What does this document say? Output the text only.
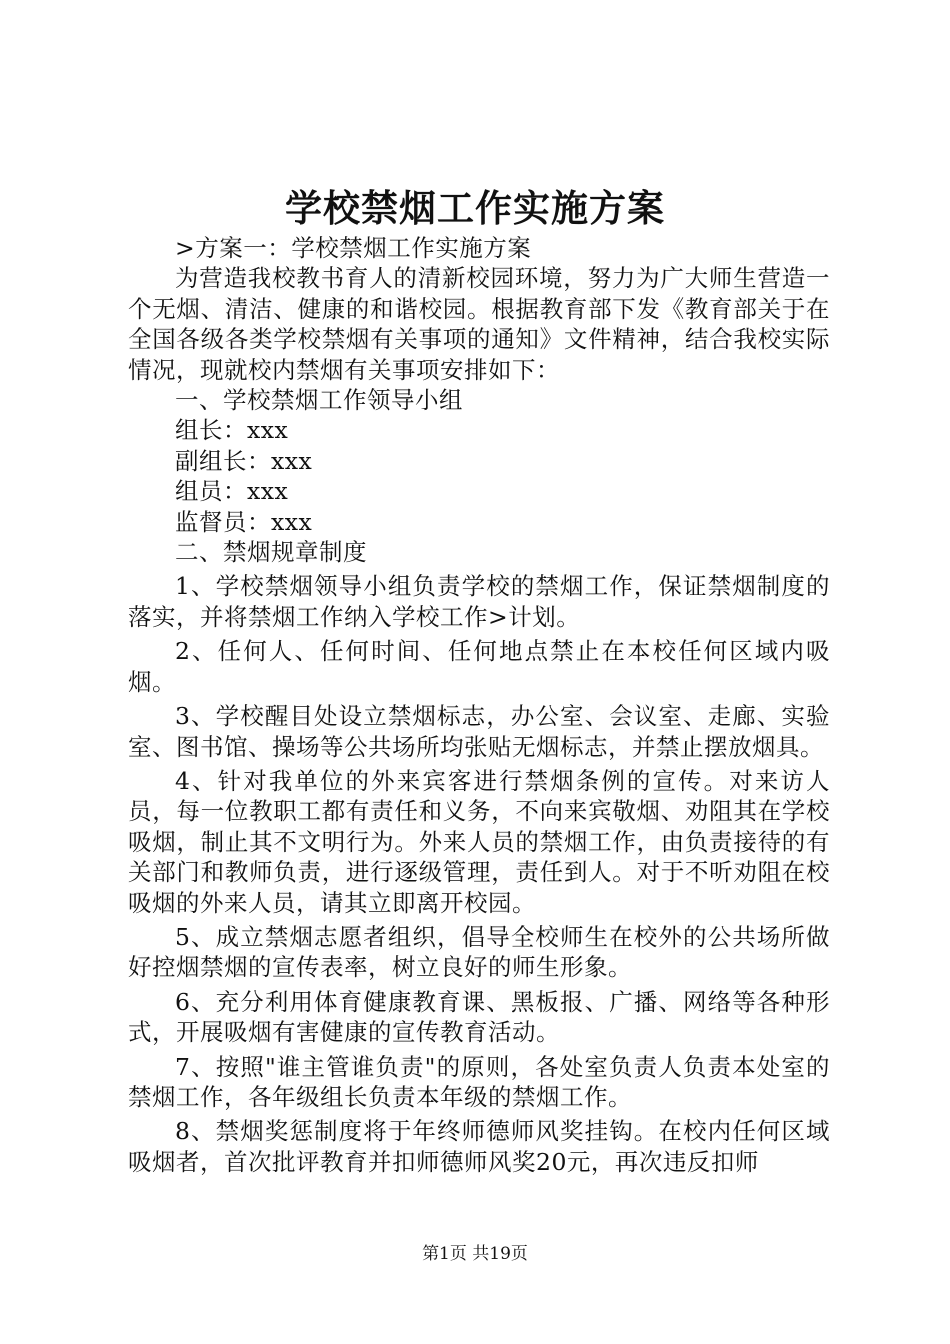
学校禁烟工作实施方案

>方案一：学校禁烟工作实施方案

为营造我校教书育人的清新校园环境，努力为广大师生营造一个无烟、清洁、健康的和谐校园。根据教育部下发《教育部关于在全国各级各类学校禁烟有关事项的通知》文件精神，结合我校实际情况，现就校内禁烟有关事项安排如下：

一、学校禁烟工作领导小组

组长：xxx

副组长：xxx

组员：xxx

监督员：xxx

二、禁烟规章制度

1、学校禁烟领导小组负责学校的禁烟工作，保证禁烟制度的落实，并将禁烟工作纳入学校工作>计划。

2、任何人、任何时间、任何地点禁止在本校任何区域内吸烟。

3、学校醒目处设立禁烟标志，办公室、会议室、走廊、实验室、图书馆、操场等公共场所均张贴无烟标志，并禁止摆放烟具。

4、针对我单位的外来宾客进行禁烟条例的宣传。对来访人员，每一位教职工都有责任和义务，不向来宾敬烟、劝阻其在学校吸烟，制止其不文明行为。外来人员的禁烟工作，由负责接待的有关部门和教师负责，进行逐级管理，责任到人。对于不听劝阻在校吸烟的外来人员，请其立即离开校园。

5、成立禁烟志愿者组织，倡导全校师生在校外的公共场所做好控烟禁烟的宣传表率，树立良好的师生形象。

6、充分利用体育健康教育课、黑板报、广播、网络等各种形式，开展吸烟有害健康的宣传教育活动。

7、按照"谁主管谁负责"的原则，各处室负责人负责本处室的禁烟工作，各年级组长负责本年级的禁烟工作。

8、禁烟奖惩制度将于年终师德师风奖挂钩。在校内任何区域吸烟者，首次批评教育并扣师德师风奖20元，再次违反扣师

第1页 共19页
